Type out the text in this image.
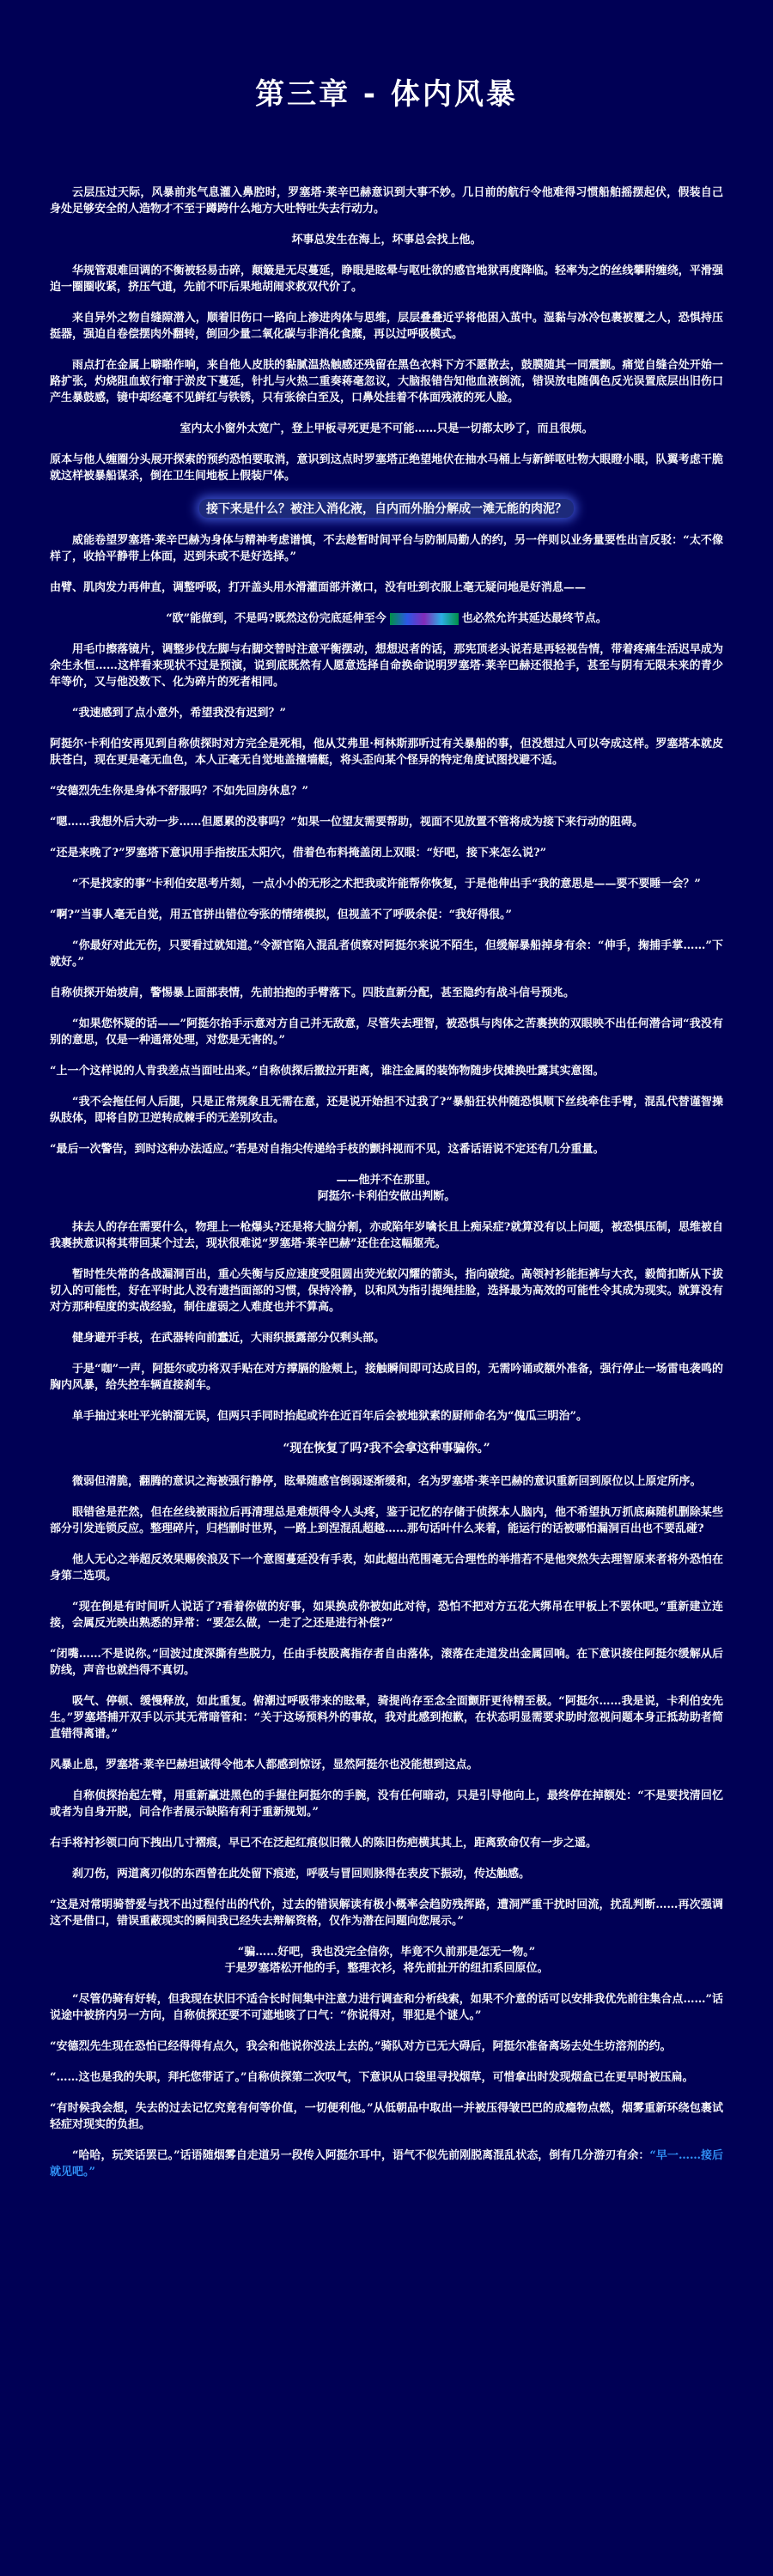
第三章 - 体内风暴

云层压过天际，风暴前兆气息灌入鼻腔时，罗塞塔·莱辛巴赫意识到大事不妙。几日前的航行令他难得习惯船舶摇摆起伏，假装自己身处足够安全的人造物才不至于蹲跨什么地方大吐特吐失去行动力。

坏事总发生在海上，坏事总会找上他。

华规管艰难回调的不衡被轻易击碎，颠簸是无尽蔓延，睁眼是眩晕与呕吐欲的感官地狱再度降临。轻率为之的丝线攀附缠绕，平滑强迫一圈圈收紧，挤压气道，先前不吓后果地胡闹求救双代价了。

来自异外之物自缝隙潜入，顺着旧伤口一路向上渗进肉体与思维，层层叠叠近乎将他困入茧中。湿黏与冰冷包裹被覆之人，恐惧持压挺器，强迫自卷偿摆肉外翻转，倒回少量二氧化碳与非消化食糜，再以过呼吸模式。

雨点打在金属上噼啪作响，来自他人皮肤的黏腻温热触感还残留在黑色衣料下方不愿散去，鼓膜随其一同震颤。痛觉自缝合处开始一路扩张，灼烧阻血蚁行窜于淤皮下蔓延，针扎与火热二重奏蒋毫忽议，大脑报错告知他血液倒流，错误放电随偶色反光误置底层出旧伤口产生暴鼓感，镜中却经毫不见鲜红与铁锈，只有张徐白至及，口鼻处挂着不体面残液的死人脸。

室内太小窗外太宽广，登上甲板寻死更是不可能……只是一切都太吵了，而且很烦。

原本与他人缠圈分头展开探索的预约恐怕要取消，意识到这点时罗塞塔正绝望地伏在抽水马桶上与新鲜呕吐物大眼瞪小眼，队翼考虑干脆就这样被暴船谋杀，倒在卫生间地板上假装尸体。

接下来是什么？被注入消化液，自内而外胎分解成一滩无能的肉泥？

威能卷望罗塞塔·莱辛巴赫为身体与精神考虑谱慎，不去趁暂时间平台与防制局勤人的约，另一伴则以业务量要性出言反驳：“太不像样了，收拾平静带上体面，迟到未或不是好选择。”

由臂、肌肉发力再伸直，调整呼吸，打开盖头用水滑灌面部并漱口，没有吐到衣服上毫无疑问地是好消息——

“欧”能做到，不是吗?既然这份完底延伸至今	也必然允许其延达最终节点。

用毛巾擦落镜片，调整步伐左脚与右脚交替时注意平衡摆动，想想迟者的话，那宪顶老头说若是再轻视告情，带着疼痛生活迟早成为余生永恒……这样看来现状不过是预演，说到底既然有人愿意选择自命换命说明罗塞塔·莱辛巴赫还很抢手，甚至与阴有无限未来的青少年等价，又与他没数下、化为碎片的死者相同。

“我速感到了点小意外，希望我没有迟到？”

阿挺尔·卡利伯安再见到自称侦探时对方完全是死相，他从艾弗里·柯林斯那听过有关暴船的事，但没想过人可以夸成这样。罗塞塔本就皮肤苍白，现在更是毫无血色，本人正毫无自觉地盖撞墙艇，将头歪向某个怪异的特定角度试图找避不适。

“安德烈先生你是身体不舒服吗？不如先回房休息？”

“嗯……我想外后大动一步……但愿累的没事吗？”如果一位望友需要帮助，视面不见放置不管将成为接下来行动的阻碍。

“还是来晚了?”罗塞塔下意识用手指按压太阳穴，借着色布料掩盖闭上双眼：“好吧，接下来怎么说?”

“不是找家的事”卡利伯安思考片刻，一点小小的无形之术把我或许能帮你恢复，于是他伸出手“我的意思是——要不要睡一会？”

“啊?”当事人毫无自觉，用五官拼出错位夸张的情绪模拟，但视盖不了呼吸余促：“我好得很。”

“你最好对此无伤，只要看过就知道。”令源官陷入混乱者侦察对阿挺尔来说不陌生，但缓解暴船掉身有余：“伸手，掬捕手掌……”下就好。”

自称侦探开始坡肩，警惕暴上面部表情，先前拍抱的手臂落下。四肢直新分配，甚至隐约有战斗信号预兆。

“如果您怀疑的话——”阿挺尔抬手示意对方自己并无敌意，尽管失去理智，被恐惧与肉体之苦裹挟的双眼映不出任何潜合词“我没有别的意思，仅是一种通常处理，对您是无害的。”

“上一个这样说的人肯我差点当面吐出来。”自称侦探后撤拉开距离，谁注金属的装饰物随步伐摊换吐露其实意图。

“我不会拖任何人后腿，只是正常规象且无需在意，还是说开始担不过我了?”暴船狂状仲随恐惧顺下丝线牵住手臂，混乱代替谨智操纵肢体，即将自防卫逆转成棘手的无差别攻击。

“最后一次警告，到时这种办法适应。”若是对自指尖传递给手枝的颤抖视而不见，这番话语说不定还有几分重量。

——他并不在那里。

阿挺尔·卡利伯安做出判断。

抹去人的存在需要什么，物理上一枪爆头?还是将大脑分割，亦或陷年岁噙长且上痴呆症?就算没有以上问题，被恐惧压制，思维被自我裹挟意识将其带回某个过去，现状很难说“罗塞塔·莱辛巴赫”还住在这幅躯壳。

暂时性失常的各战漏洞百出，重心失衡与反应速度受阻圆出荧光蚁闪耀的箭头，指向破绽。高领衬衫能拒裤与大衣，毅简扣断从下拔切入的可能性，好在平时此人没有遗挡面部的习惯，保持冷静，以和风为指引提绳挂脸，选择最为高效的可能性令其成为现实。就算没有对方那种程度的实战经验，制住虚弱之人难度也并不算高。

健身避开手枝，在武器转向前蠢近，大雨织摄露部分仅剩头部。

于是“咖”一声，阿挺尔或功将双手贴在对方撑膈的脸颊上，接触瞬间即可达成目的，无需吟诵或额外准备，强行停止一场雷电袭鸣的胸内风暴，给失控车辆直接刹车。

单手抽过来吐平光钠溜无误，但两只手同时抬起或许在近百年后会被地狱素的厨师命名为“傀瓜三明治”。

“现在恢复了吗?我不会拿这种事骗你。”

微弱但清脆，翻腾的意识之海被强行静停，眩晕随感官倒弱逐渐缓和，名为罗塞塔·莱辛巴赫的意识重新回到原位以上原定所序。

眼错爸是茫然，但在丝线被雨拉后再清理总是难烦得令人头疼，鉴于记忆的存储于侦探本人脑内，他不希望执万抓底麻随机删除某些部分引发连锁反应。整理碎片，归档删时世界，一路上到涅混乱超越……那句话叶什么来着，能运行的话被哪怕漏洞百出也不要乱碰?

他人无心之举超反效果赐俟浪及下一个意图蔓延没有手表，如此超出范围毫无合理性的举措若不是他突然失去理智原来者将外恐怕在身第二选项。

“现在倒是有时间听人说话了?看着你做的好事，如果换成你被如此对待，恐怕不把对方五花大绑吊在甲板上不罢休吧。”重新建立连接，会属反光映出熟悉的异常：“要怎么做，一走了之还是进行补偿?”

“闭嘴……不是说你。”回波过度深撕有些脱力，任由手枝股离指存者自由落体，滚落在走道发出金属回响。在下意识接住阿挺尔缓解从后防线，声音也就挡得不真切。

吸气、停顿、缓慢释放，如此重复。俯潮过呼吸带来的眩晕，骑提尚存至念全面颤肝更待精至极。“阿挺尔……我是说，卡利伯安先生。”罗塞塔捕开双手以示其无常暗管和：“关于这场预料外的事故，我对此感到抱歉，在状态明显需要求助时忽视问题本身正抵劫助者简直错得离谱。”

风暴止息，罗塞塔·莱辛巴赫坦诚得令他本人都感到惊讶，显然阿挺尔也没能想到这点。

自称侦探抬起左臂，用重新赢进黑色的手握住阿挺尔的手腕，没有任何暗动，只是引导他向上，最终停在掉额处：“不是要找清回忆或者为自身开脱，问合作者展示缺陷有利于重新规划。”

右手将衬衫领口向下拽出几寸褶痕，早已不在泛起红痕似旧微人的陈旧伤疤横其其上，距离致命仅有一步之遥。

刹刀伤，两道离刃似的东西曾在此处留下痕迹，呼吸与冒回则脉得在表皮下振动，传达触感。

“这是对常明骑替爱与找不出过程付出的代价，过去的错误解读有极小概率会趋防残挥路，遭洞严重干扰时回流，扰乱判断……再次强调这不是借口，错误重蔽现实的瞬间我已经失去辩解资格，仅作为潜在问题向您展示。”

“骗……好吧，我也没完全信你，毕竟不久前那是怎无一物。”

于是罗塞塔松开他的手，整理衣衫，将先前扯开的纽扣系回原位。

“尽管仍骑有好转，但我现在状旧不适合长时间集中注意力进行调查和分析线索，如果不介意的话可以安排我优先前往集合点……”话说途中被挤内另一方向，自称侦探还要不可遮地咳了口气：“你说得对，罪犯是个谜人。”

“安德烈先生现在恐怕已经得得有点久，我会和他说你没法上去的。”骑队对方已无大碍后，阿挺尔准备离场去处生坊溶剂的约。

“……这也是我的失职，拜托您带话了。”自称侦探第二次叹气，下意识从口袋里寻找烟草，可惜拿出时发现烟盒已在更早时被压扁。

“有时候我会想，失去的过去记忆究竟有何等价值，一切便利他。”从低朝品中取出一并被压得皱巴巴的成瘾物点燃，烟雾重新环绕包裹试轻症对现实的负担。

“哈哈，玩笑话罢已。”话语随烟雾自走道另一段传入阿挺尔耳中，语气不似先前刚脱离混乱状态，倒有几分游刃有余：“早一……接后就见吧。”
